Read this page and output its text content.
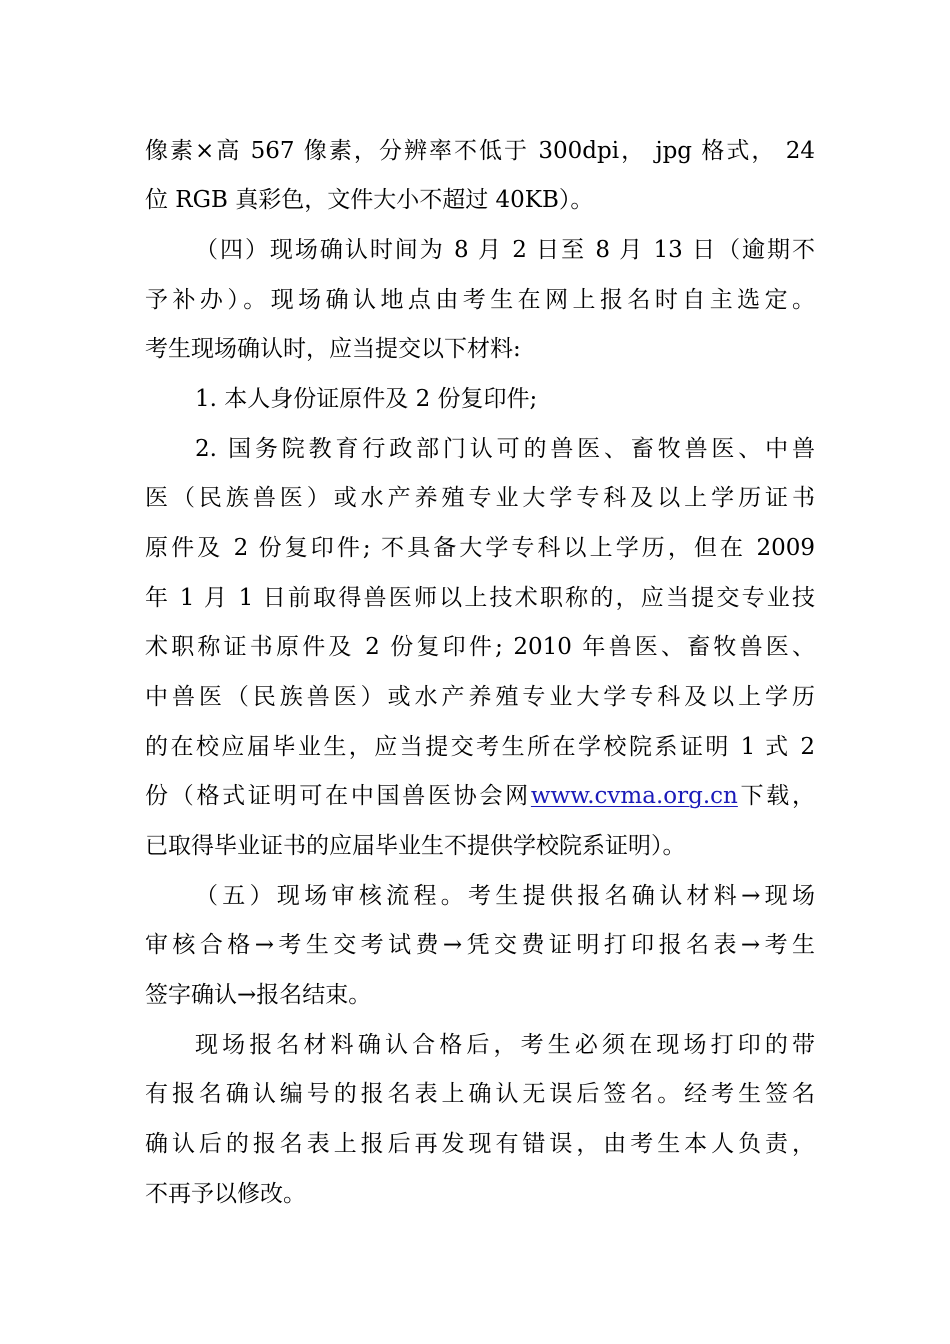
像素×高 567 像素，分辨率不低于 300dpi， jpg 格式， 24
位 RGB 真彩色，文件大小不超过 40KB）。
（四）现场确认时间为 8 月 2 日至 8 月 13 日（逾期不
予补办）。现场确认地点由考生在网上报名时自主选定。
考生现场确认时，应当提交以下材料:
1. 本人身份证原件及 2 份复印件;
2. 国务院教育行政部门认可的兽医、畜牧兽医、中兽
医（民族兽医）或水产养殖专业大学专科及以上学历证书
原件及 2 份复印件; 不具备大学专科以上学历，但在 2009
年 1 月 1 日前取得兽医师以上技术职称的，应当提交专业技
术职称证书原件及 2 份复印件; 2010 年兽医、畜牧兽医、
中兽医（民族兽医）或水产养殖专业大学专科及以上学历
的在校应届毕业生，应当提交考生所在学校院系证明 1 式 2
份（格式证明可在中国兽医协会网www.cvma.org.cn下载，
已取得毕业证书的应届毕业生不提供学校院系证明）。
（五）现场审核流程。考生提供报名确认材料→现场
审核合格→考生交考试费→凭交费证明打印报名表→考生
签字确认→报名结束。
现场报名材料确认合格后，考生必须在现场打印的带
有报名确认编号的报名表上确认无误后签名。经考生签名
确认后的报名表上报后再发现有错误，由考生本人负责，
不再予以修改。
